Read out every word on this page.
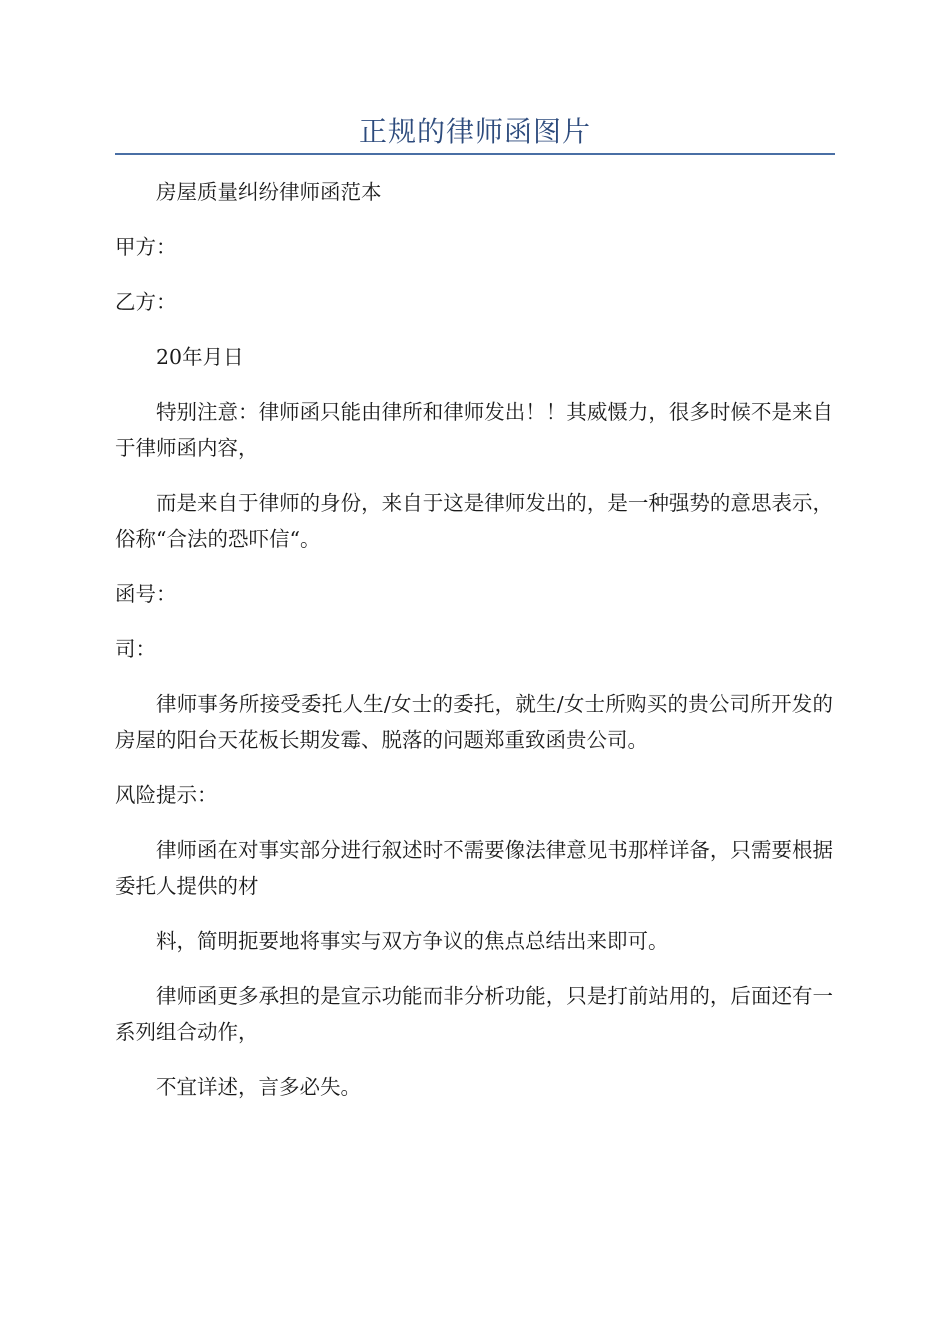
正规的律师函图片

房屋质量纠纷律师函范本

甲方：

乙方：

20年月日

特别注意：律师函只能由律所和律师发出！！其威慑力，很多时候不是来自于律师函内容，

而是来自于律师的身份，来自于这是律师发出的，是一种强势的意思表示，俗称“合法的恐吓信“。

函号：

司：

律师事务所接受委托人生/女士的委托，就生/女士所购买的贵公司所开发的房屋的阳台天花板长期发霉、脱落的问题郑重致函贵公司。

风险提示：

律师函在对事实部分进行叙述时不需要像法律意见书那样详备，只需要根据委托人提供的材

料，简明扼要地将事实与双方争议的焦点总结出来即可。

律师函更多承担的是宣示功能而非分析功能，只是打前站用的，后面还有一系列组合动作，

不宜详述，言多必失。
